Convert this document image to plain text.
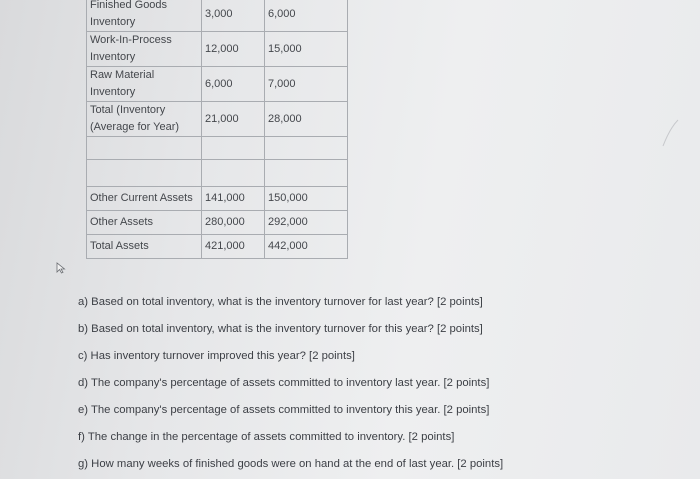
Finished Goods
Inventory	3,000	6,000
Work-In-Process
Inventory	12,000	15,000
Raw Material
Inventory	6,000	7,000
Total (Inventory
(Average for Year)	21,000	28,000

Other Current Assets	141,000	150,000
Other Assets	280,000	292,000
Total Assets	421,000	442,000
a) Based on total inventory, what is the inventory turnover for last year? [2 points]
b) Based on total inventory, what is the inventory turnover for this year? [2 points]
c) Has inventory turnover improved this year? [2 points]
d) The company's percentage of assets committed to inventory last year. [2 points]
e) The company's percentage of assets committed to inventory this year. [2 points]
f) The change in the percentage of assets committed to inventory. [2 points]
g) How many weeks of finished goods were on hand at the end of last year. [2 points]
